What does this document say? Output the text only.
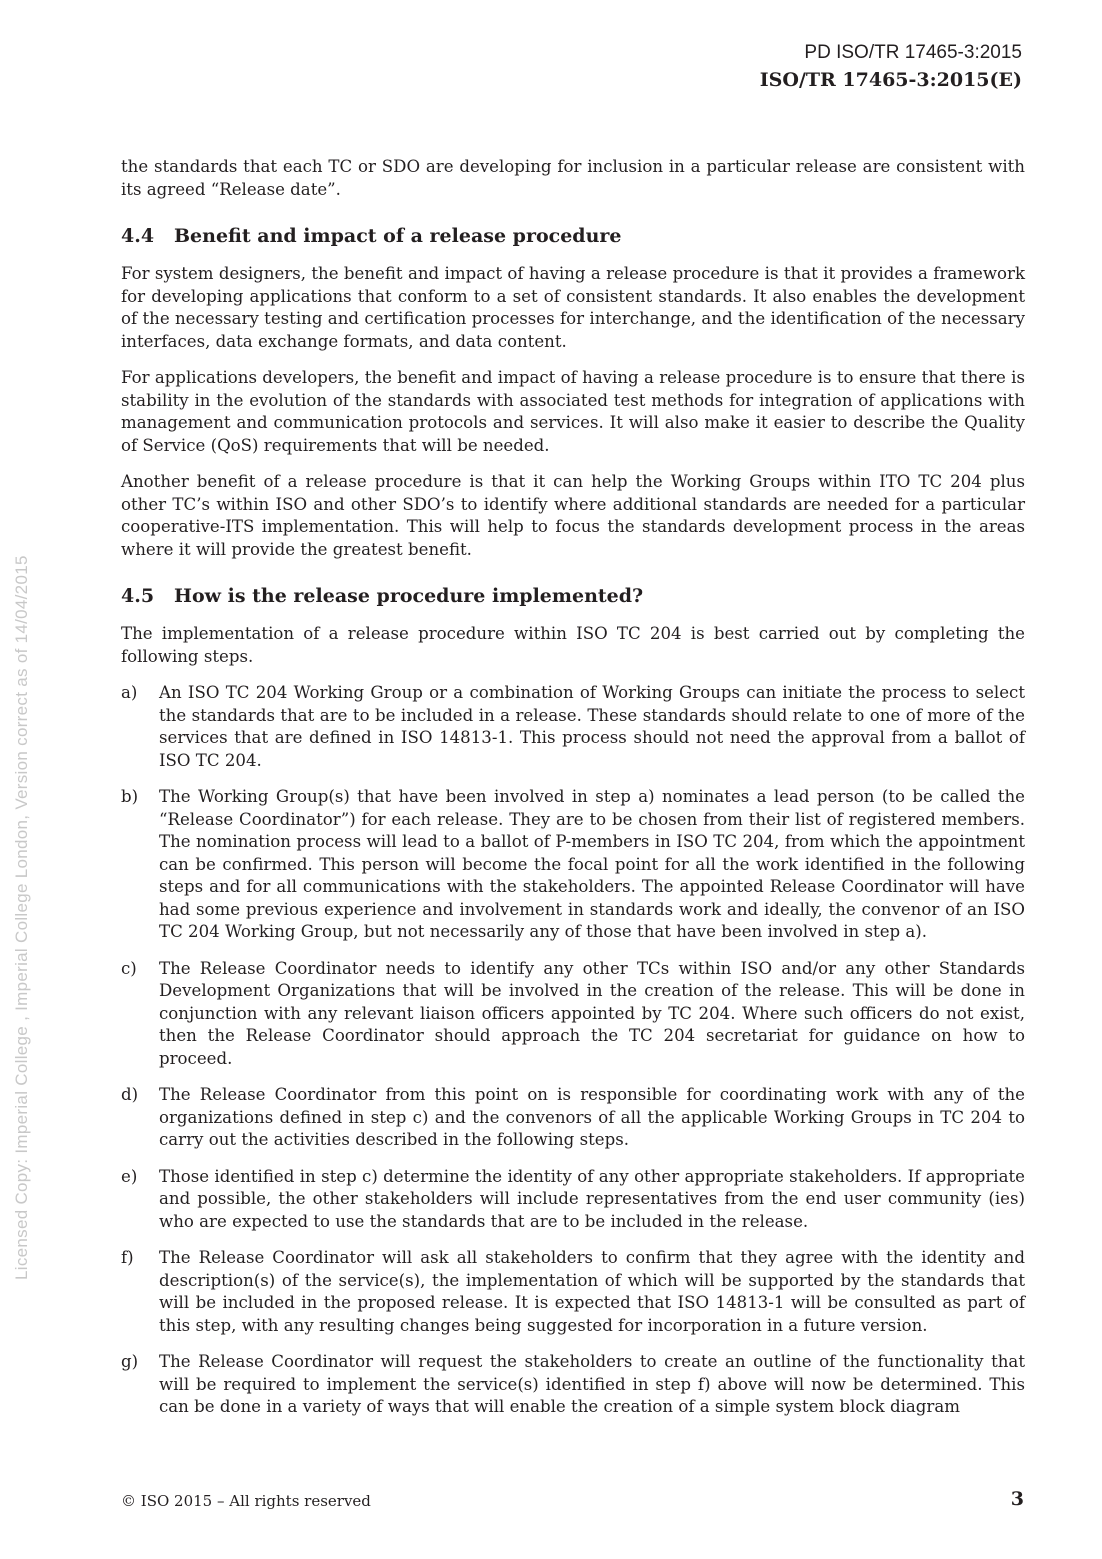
PD ISO/TR 17465-3:2015
ISO/TR 17465-3:2015(E)
Licensed Copy: Imperial College , Imperial College London, Version correct as of 14/04/2015

the standards that each TC or SDO are developing for inclusion in a particular release are consistent with its agreed “Release date”.

4.4 Benefit and impact of a release procedure

For system designers, the benefit and impact of having a release procedure is that it provides a framework for developing applications that conform to a set of consistent standards. It also enables the development of the necessary testing and certification processes for interchange, and the identification of the necessary interfaces, data exchange formats, and data content.

For applications developers, the benefit and impact of having a release procedure is to ensure that there is stability in the evolution of the standards with associated test methods for integration of applications with management and communication protocols and services. It will also make it easier to describe the Quality of Service (QoS) requirements that will be needed.

Another benefit of a release procedure is that it can help the Working Groups within ITO TC 204 plus other TC’s within ISO and other SDO’s to identify where additional standards are needed for a particular cooperative-ITS implementation. This will help to focus the standards development process in the areas where it will provide the greatest benefit.

4.5 How is the release procedure implemented?

The implementation of a release procedure within ISO TC 204 is best carried out by completing the following steps.

a) An ISO TC 204 Working Group or a combination of Working Groups can initiate the process to select the standards that are to be included in a release. These standards should relate to one of more of the services that are defined in ISO 14813-1. This process should not need the approval from a ballot of ISO TC 204.
b) The Working Group(s) that have been involved in step a) nominates a lead person (to be called the “Release Coordinator”) for each release. They are to be chosen from their list of registered members. The nomination process will lead to a ballot of P-members in ISO TC 204, from which the appointment can be confirmed. This person will become the focal point for all the work identified in the following steps and for all communications with the stakeholders. The appointed Release Coordinator will have had some previous experience and involvement in standards work and ideally, the convenor of an ISO TC 204 Working Group, but not necessarily any of those that have been involved in step a).
c) The Release Coordinator needs to identify any other TCs within ISO and/or any other Standards Development Organizations that will be involved in the creation of the release. This will be done in conjunction with any relevant liaison officers appointed by TC 204. Where such officers do not exist, then the Release Coordinator should approach the TC 204 secretariat for guidance on how to proceed.
d) The Release Coordinator from this point on is responsible for coordinating work with any of the organizations defined in step c) and the convenors of all the applicable Working Groups in TC 204 to carry out the activities described in the following steps.
e) Those identified in step c) determine the identity of any other appropriate stakeholders. If appropriate and possible, the other stakeholders will include representatives from the end user community (ies) who are expected to use the standards that are to be included in the release.
f) The Release Coordinator will ask all stakeholders to confirm that they agree with the identity and description(s) of the service(s), the implementation of which will be supported by the standards that will be included in the proposed release. It is expected that ISO 14813-1 will be consulted as part of this step, with any resulting changes being suggested for incorporation in a future version.
g) The Release Coordinator will request the stakeholders to create an outline of the functionality that will be required to implement the service(s) identified in step f) above will now be determined. This can be done in a variety of ways that will enable the creation of a simple system block diagram
© ISO 2015 – All rights reserved	3
